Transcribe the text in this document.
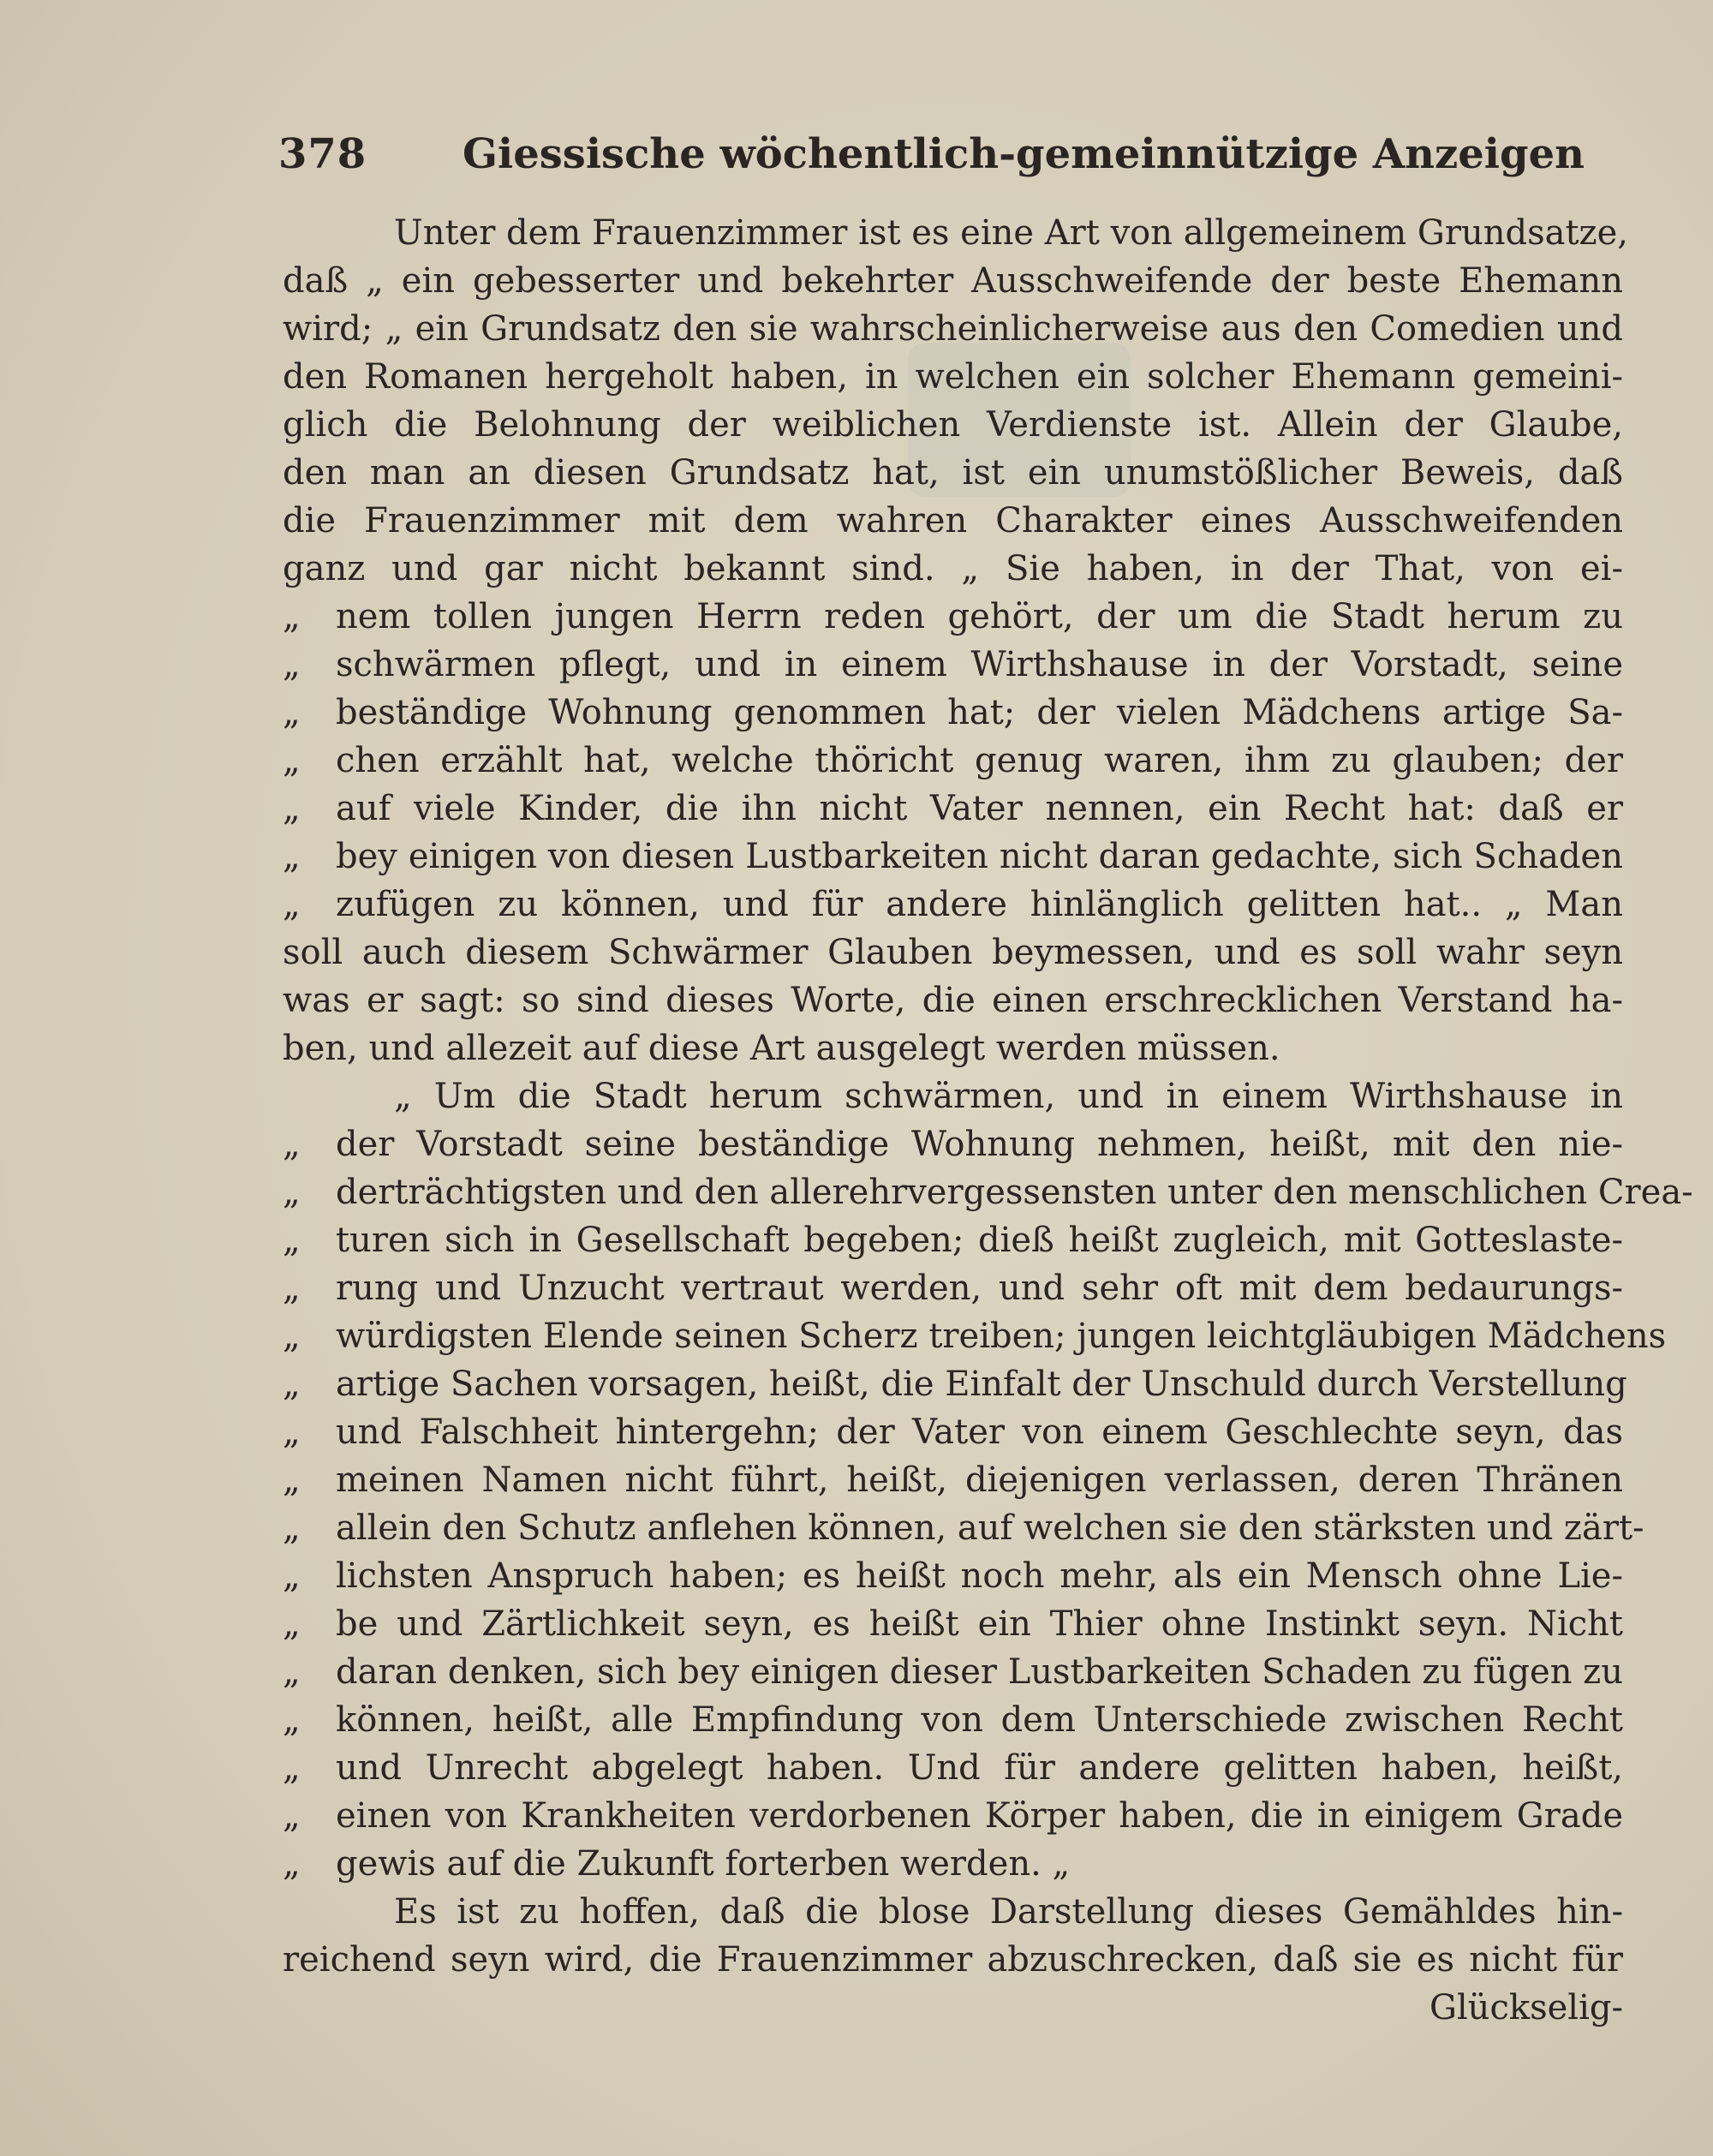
378 Giessische wöchentlich-gemeinnützige Anzeigen
Unter dem Frauenzimmer ist es eine Art von allgemeinem Grundsatze,
daß „ ein gebesserter und bekehrter Ausschweifende der beste Ehemann
wird; „ ein Grundsatz den sie wahrscheinlicherweise aus den Comedien und
den Romanen hergeholt haben, in welchen ein solcher Ehemann gemeini-
glich die Belohnung der weiblichen Verdienste ist. Allein der Glaube,
den man an diesen Grundsatz hat, ist ein unumstößlicher Beweis, daß
die Frauenzimmer mit dem wahren Charakter eines Ausschweifenden
ganz und gar nicht bekannt sind. „ Sie haben, in der That, von ei-
„ nem tollen jungen Herrn reden gehört, der um die Stadt herum zu
„ schwärmen pflegt, und in einem Wirthshause in der Vorstadt, seine
„ beständige Wohnung genommen hat; der vielen Mädchens artige Sa-
„ chen erzählt hat, welche thöricht genug waren, ihm zu glauben; der
„ auf viele Kinder, die ihn nicht Vater nennen, ein Recht hat: daß er
„ bey einigen von diesen Lustbarkeiten nicht daran gedachte, sich Schaden
„ zufügen zu können, und für andere hinlänglich gelitten hat.. „ Man
soll auch diesem Schwärmer Glauben beymessen, und es soll wahr seyn
was er sagt: so sind dieses Worte, die einen erschrecklichen Verstand ha-
ben, und allezeit auf diese Art ausgelegt werden müssen.
„ Um die Stadt herum schwärmen, und in einem Wirthshause in
„ der Vorstadt seine beständige Wohnung nehmen, heißt, mit den nie-
„ derträchtigsten und den allerehrvergessensten unter den menschlichen Crea-
„ turen sich in Gesellschaft begeben; dieß heißt zugleich, mit Gotteslaste-
„ rung und Unzucht vertraut werden, und sehr oft mit dem bedaurungs-
„ würdigsten Elende seinen Scherz treiben; jungen leichtgläubigen Mädchens
„ artige Sachen vorsagen, heißt, die Einfalt der Unschuld durch Verstellung
„ und Falschheit hintergehn; der Vater von einem Geschlechte seyn, das
„ meinen Namen nicht führt, heißt, diejenigen verlassen, deren Thränen
„ allein den Schutz anflehen können, auf welchen sie den stärksten und zärt-
„ lichsten Anspruch haben; es heißt noch mehr, als ein Mensch ohne Lie-
„ be und Zärtlichkeit seyn, es heißt ein Thier ohne Instinkt seyn. Nicht
„ daran denken, sich bey einigen dieser Lustbarkeiten Schaden zu fügen zu
„ können, heißt, alle Empfindung von dem Unterschiede zwischen Recht
„ und Unrecht abgelegt haben. Und für andere gelitten haben, heißt,
„ einen von Krankheiten verdorbenen Körper haben, die in einigem Grade
„ gewis auf die Zukunft forterben werden. „
Es ist zu hoffen, daß die blose Darstellung dieses Gemähldes hin-
reichend seyn wird, die Frauenzimmer abzuschrecken, daß sie es nicht für
Glückselig-
